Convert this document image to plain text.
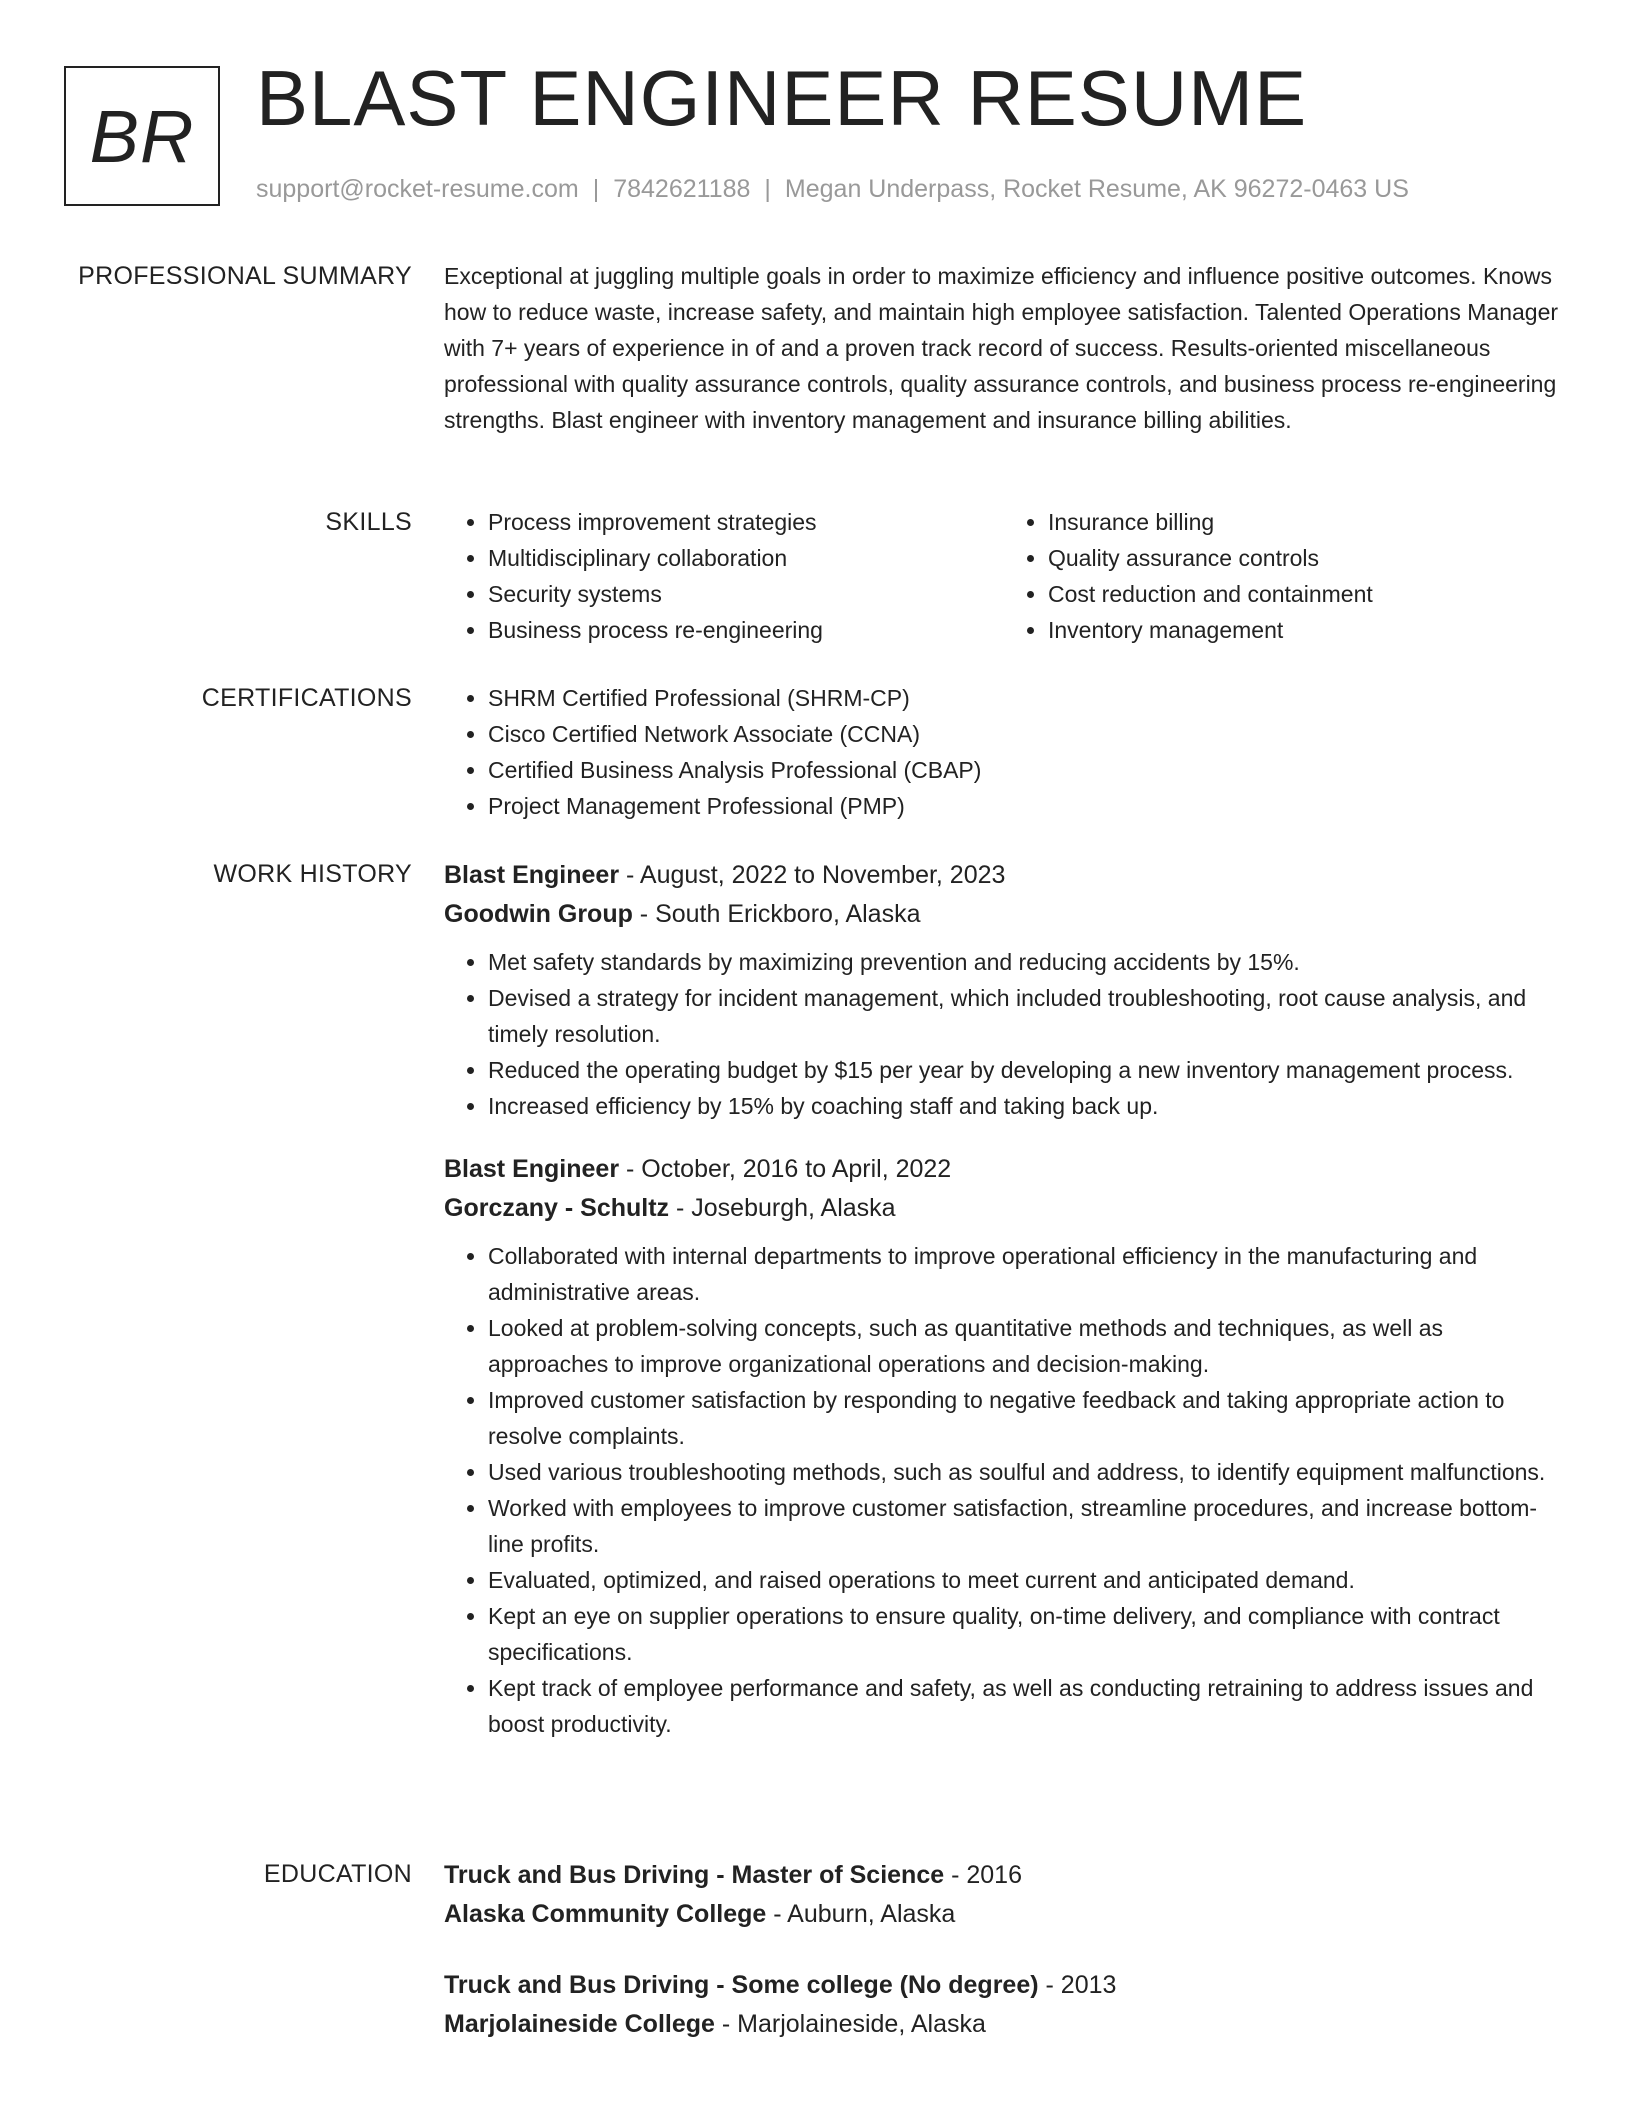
BR BLAST ENGINEER RESUME
support@rocket-resume.com | 7842621188 | Megan Underpass, Rocket Resume, AK 96272-0463 US
PROFESSIONAL SUMMARY Exceptional at juggling multiple goals in order to maximize efficiency and influence positive outcomes. Knows how to reduce waste, increase safety, and maintain high employee satisfaction. Talented Operations Manager with 7+ years of experience in of and a proven track record of success. Results-oriented miscellaneous professional with quality assurance controls, quality assurance controls, and business process re-engineering strengths. Blast engineer with inventory management and insurance billing abilities.

SKILLS	• Process improvement strategies
• Multidisciplinary collaboration
• Security systems
• Business process re-engineering
• Insurance billing
• Quality assurance controls
• Cost reduction and containment
• Inventory management
CERTIFICATIONS	• SHRM Certified Professional (SHRM-CP)
• Cisco Certified Network Associate (CCNA)
• Certified Business Analysis Professional (CBAP)
• Project Management Professional (PMP)
WORK HISTORY Blast Engineer - August, 2022 to November, 2023
Goodwin Group - South Erickboro, Alaska
• Met safety standards by maximizing prevention and reducing accidents by 15%.
• Devised a strategy for incident management, which included troubleshooting, root cause analysis, and timely resolution.
• Reduced the operating budget by $15 per year by developing a new inventory management process.
• Increased efficiency by 15% by coaching staff and taking back up.
Blast Engineer - October, 2016 to April, 2022
Gorczany - Schultz - Joseburgh, Alaska
• Collaborated with internal departments to improve operational efficiency in the manufacturing and administrative areas.
• Looked at problem-solving concepts, such as quantitative methods and techniques, as well as approaches to improve organizational operations and decision-making.
• Improved customer satisfaction by responding to negative feedback and taking appropriate action to resolve complaints.
• Used various troubleshooting methods, such as soulful and address, to identify equipment malfunctions.
• Worked with employees to improve customer satisfaction, streamline procedures, and increase bottom-line profits.
• Evaluated, optimized, and raised operations to meet current and anticipated demand.
• Kept an eye on supplier operations to ensure quality, on-time delivery, and compliance with contract specifications.
• Kept track of employee performance and safety, as well as conducting retraining to address issues and boost productivity.
EDUCATION Truck and Bus Driving - Master of Science - 2016
Alaska Community College - Auburn, Alaska
Truck and Bus Driving - Some college (No degree) - 2013
Marjolaineside College - Marjolaineside, Alaska
